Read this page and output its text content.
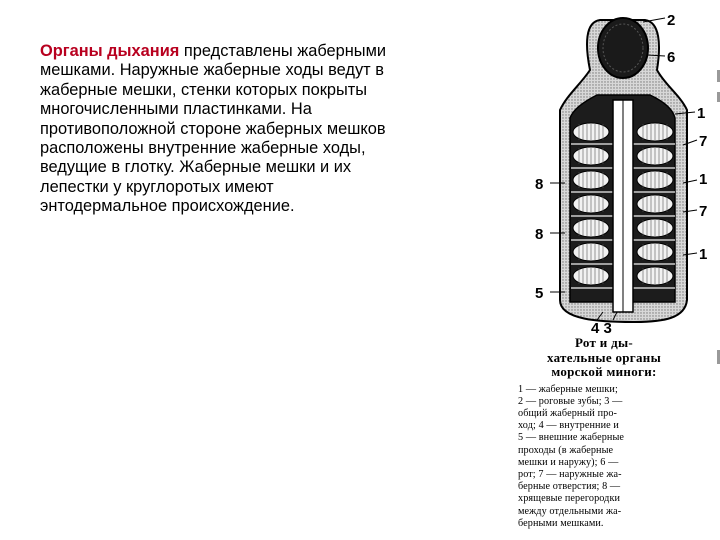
Органы дыхания представлены жаберными мешками. Наружные жаберные ходы ведут в жаберные мешки, стенки которых покрыты многочисленными пластинками. На противоположной стороне жаберных мешков расположены внутренние жаберные ходы, ведущие в глотку. Жаберные мешки и их лепестки у круглоротых имеют энтодермальное происхождение.
2
6
1
7
8	1
7
8
1
5
4 3
Рот и ды-
хательные органы
морской миноги:
1 — жаберные мешки;
2 — роговые зубы; 3 —
общий жаберный про-
ход; 4 — внутренние и
5 — внешние жаберные
проходы (в жаберные
мешки и наружу); 6 —
рот; 7 — наружные жа-
берные отверстия; 8 —
хрящевые перегородки
между отдельными жа-
берными мешками.
